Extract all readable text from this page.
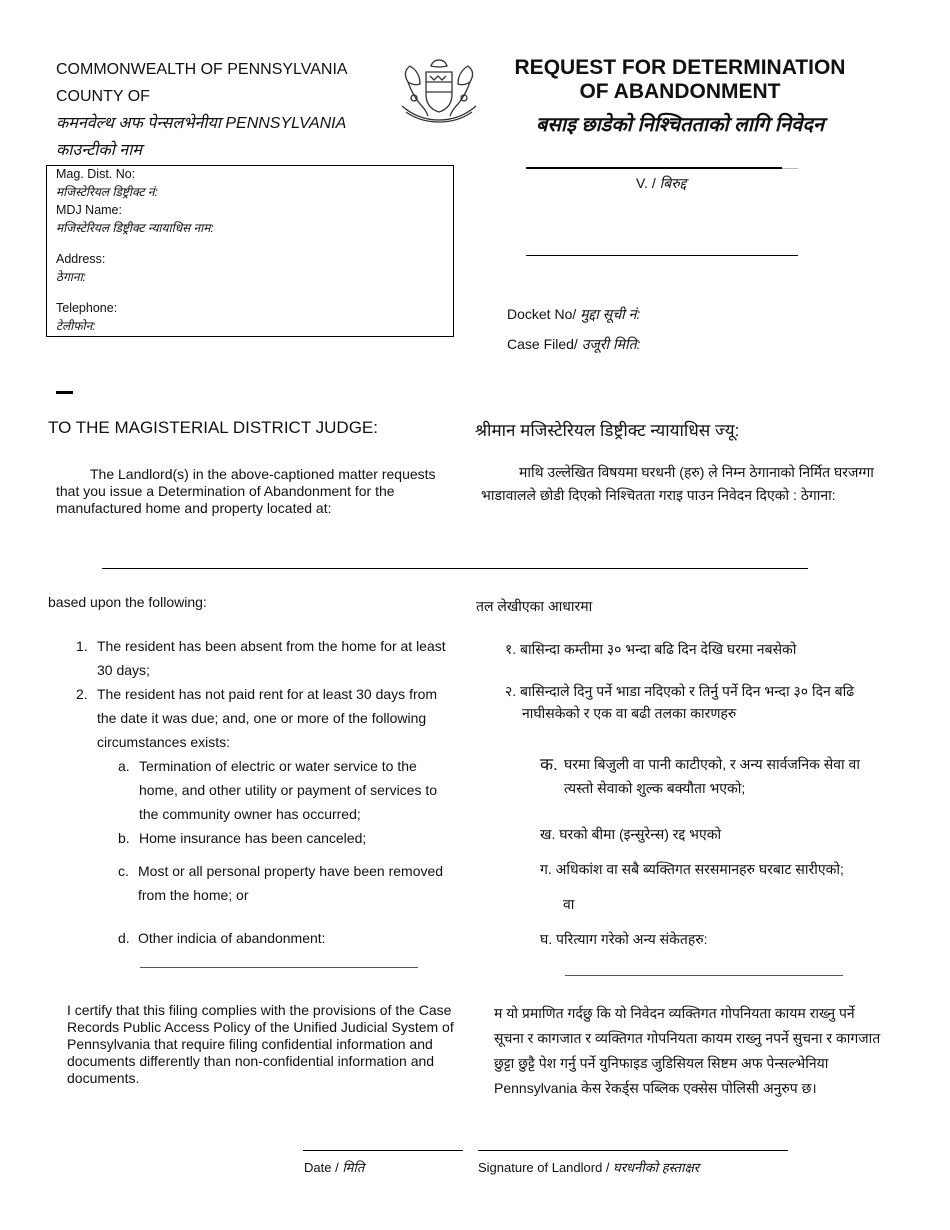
COMMONWEALTH OF PENNSYLVANIA
COUNTY OF
कमनवेल्थ अफ पेन्सलभेनीया PENNSYLVANIA
काउन्टीको नाम
REQUEST FOR DETERMINATION
OF ABANDONMENT
बसाइ छाडेको निश्चितताको लागि निवेदन
Mag. Dist. No:
मजिस्टेरियल डिष्ट्रीक्ट नं:
MDJ Name:
मजिस्टेरियल डिष्ट्रीक्ट न्यायाधिस नाम:
Address:
ठेगाना:
Telephone:
टेलीफोन:
V. / बिरुद्द
Docket No/ मुद्दा सूची नं:
Case Filed/ उजूरी मिति:
TO THE MAGISTERIAL DISTRICT JUDGE:	श्रीमान मजिस्टेरियल डिष्ट्रीक्ट न्यायाधिस ज्यू:
The Landlord(s) in the above-captioned matter requests that you issue a Determination of Abandonment for the manufactured home and property located at:
माथि उल्लेखित विषयमा घरधनी (हरु) ले निम्न ठेगानाको निर्मित घरजग्गा भाडावालले छोडी दिएको निश्चितता गराइ पाउन निवेदन दिएको : ठेगाना:
based upon the following:	तल लेखीएका आधारमा
1. The resident has been absent from the home for at least 30 days;
2. The resident has not paid rent for at least 30 days from the date it was due; and, one or more of the following circumstances exists:
a. Termination of electric or water service to the home, and other utility or payment of services to the community owner has occurred;
b. Home insurance has been canceled;
c. Most or all personal property have been removed from the home; or
d. Other indicia of abandonment:
१. बासिन्दा कम्तीमा ३० भन्दा बढि दिन देखि घरमा नबसेको
२. बासिन्दाले दिनु पर्ने भाडा नदिएको र तिर्नु पर्ने दिन भन्दा ३० दिन बढि नाघीसकेको र एक वा बढी तलका कारणहरु
क. घरमा बिजुली वा पानी काटीएको, र अन्य सार्वजनिक सेवा वा त्यस्तो सेवाको शुल्क बक्यौता भएको;
ख. घरको बीमा (इन्सुरेन्स) रद्द भएको
ग. अधिकांश वा सबै ब्यक्तिगत सरसमानहरु घरबाट सारीएको;
वा
घ. परित्याग गरेको अन्य संकेतहरु:
I certify that this filing complies with the provisions of the Case Records Public Access Policy of the Unified Judicial System of Pennsylvania that require filing confidential information and documents differently than non-confidential information and documents.
म यो प्रमाणित गर्दछु कि यो निवेदन व्यक्तिगत गोपनियता कायम राख्नु पर्ने सूचना र कागजात र व्यक्तिगत गोपनियता कायम राख्नु नपर्ने सुचना र कागजात छुट्टा छुट्टै पेश गर्नु पर्ने युनिफाइड जुडिसियल सिष्टम अफ पेन्सल्भेनिया Pennsylvania केस रेकर्ड्स पब्लिक एक्सेस पोलिसी अनुरुप छ।
Date / मिति	Signature of Landlord / घरधनीको हस्ताक्षर
